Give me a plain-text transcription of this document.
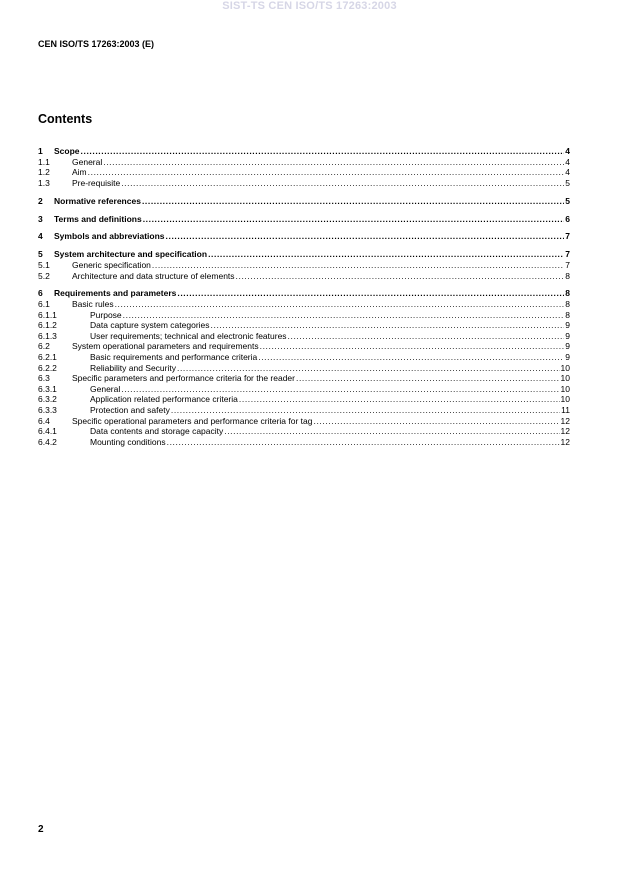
SIST-TS CEN ISO/TS 17263:2003
CEN ISO/TS 17263:2003 (E)
Contents
1	Scope .....	4
1.1	General .....	4
1.2	Aim .....	4
1.3	Pre-requisite .....	5
2	Normative references .....	5
3	Terms and definitions .....	6
4	Symbols and abbreviations .....	7
5	System architecture and specification .....	7
5.1	Generic specification .....	7
5.2	Architecture and data structure of elements .....	8
6	Requirements and parameters .....	8
6.1	Basic rules .....	8
6.1.1	Purpose .....	8
6.1.2	Data capture system categories .....	9
6.1.3	User requirements; technical and electronic features .....	9
6.2	System operational parameters and requirements .....	9
6.2.1	Basic requirements and performance criteria .....	9
6.2.2	Reliability and Security .....	10
6.3	Specific parameters and performance criteria for the reader .....	10
6.3.1	General .....	10
6.3.2	Application related performance criteria .....	10
6.3.3	Protection and safety .....	11
6.4	Specific operational parameters and performance criteria for tag .....	12
6.4.1	Data contents and storage capacity .....	12
6.4.2	Mounting conditions .....	12
2
